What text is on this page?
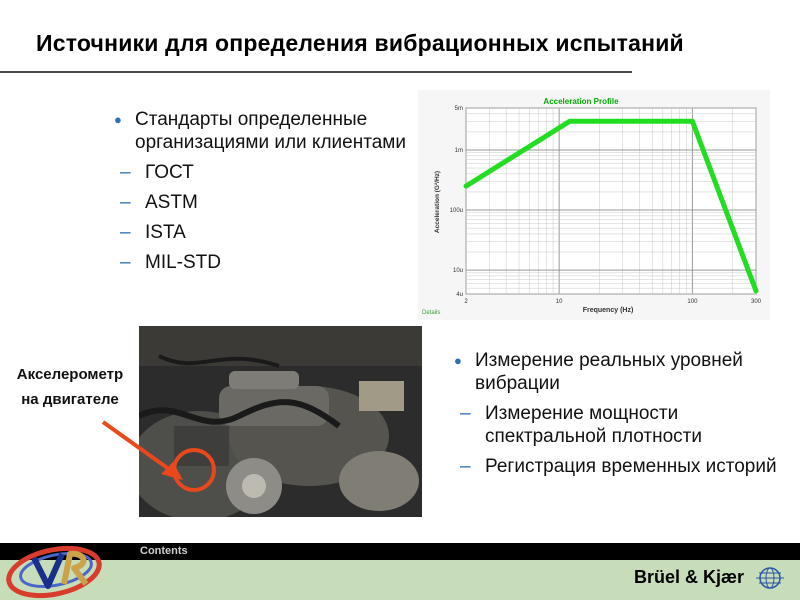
Источники для определения вибрационных испытаний
● Стандарты определенные организациями или клиентами
– ГОСТ
– ASTM
– ISTA
– MIL-STD
Acceleration Profile
Acceleration (G²/Hz)
Frequency (Hz)
Details
5m
1m
100u
10u
4u
2	10	100	300
Акселерометр
на двигателе
● Измерение реальных уровней вибрации
– Измерение мощности спектральной плотности
– Регистрация временных историй
Contents
Brüel & Kjær
